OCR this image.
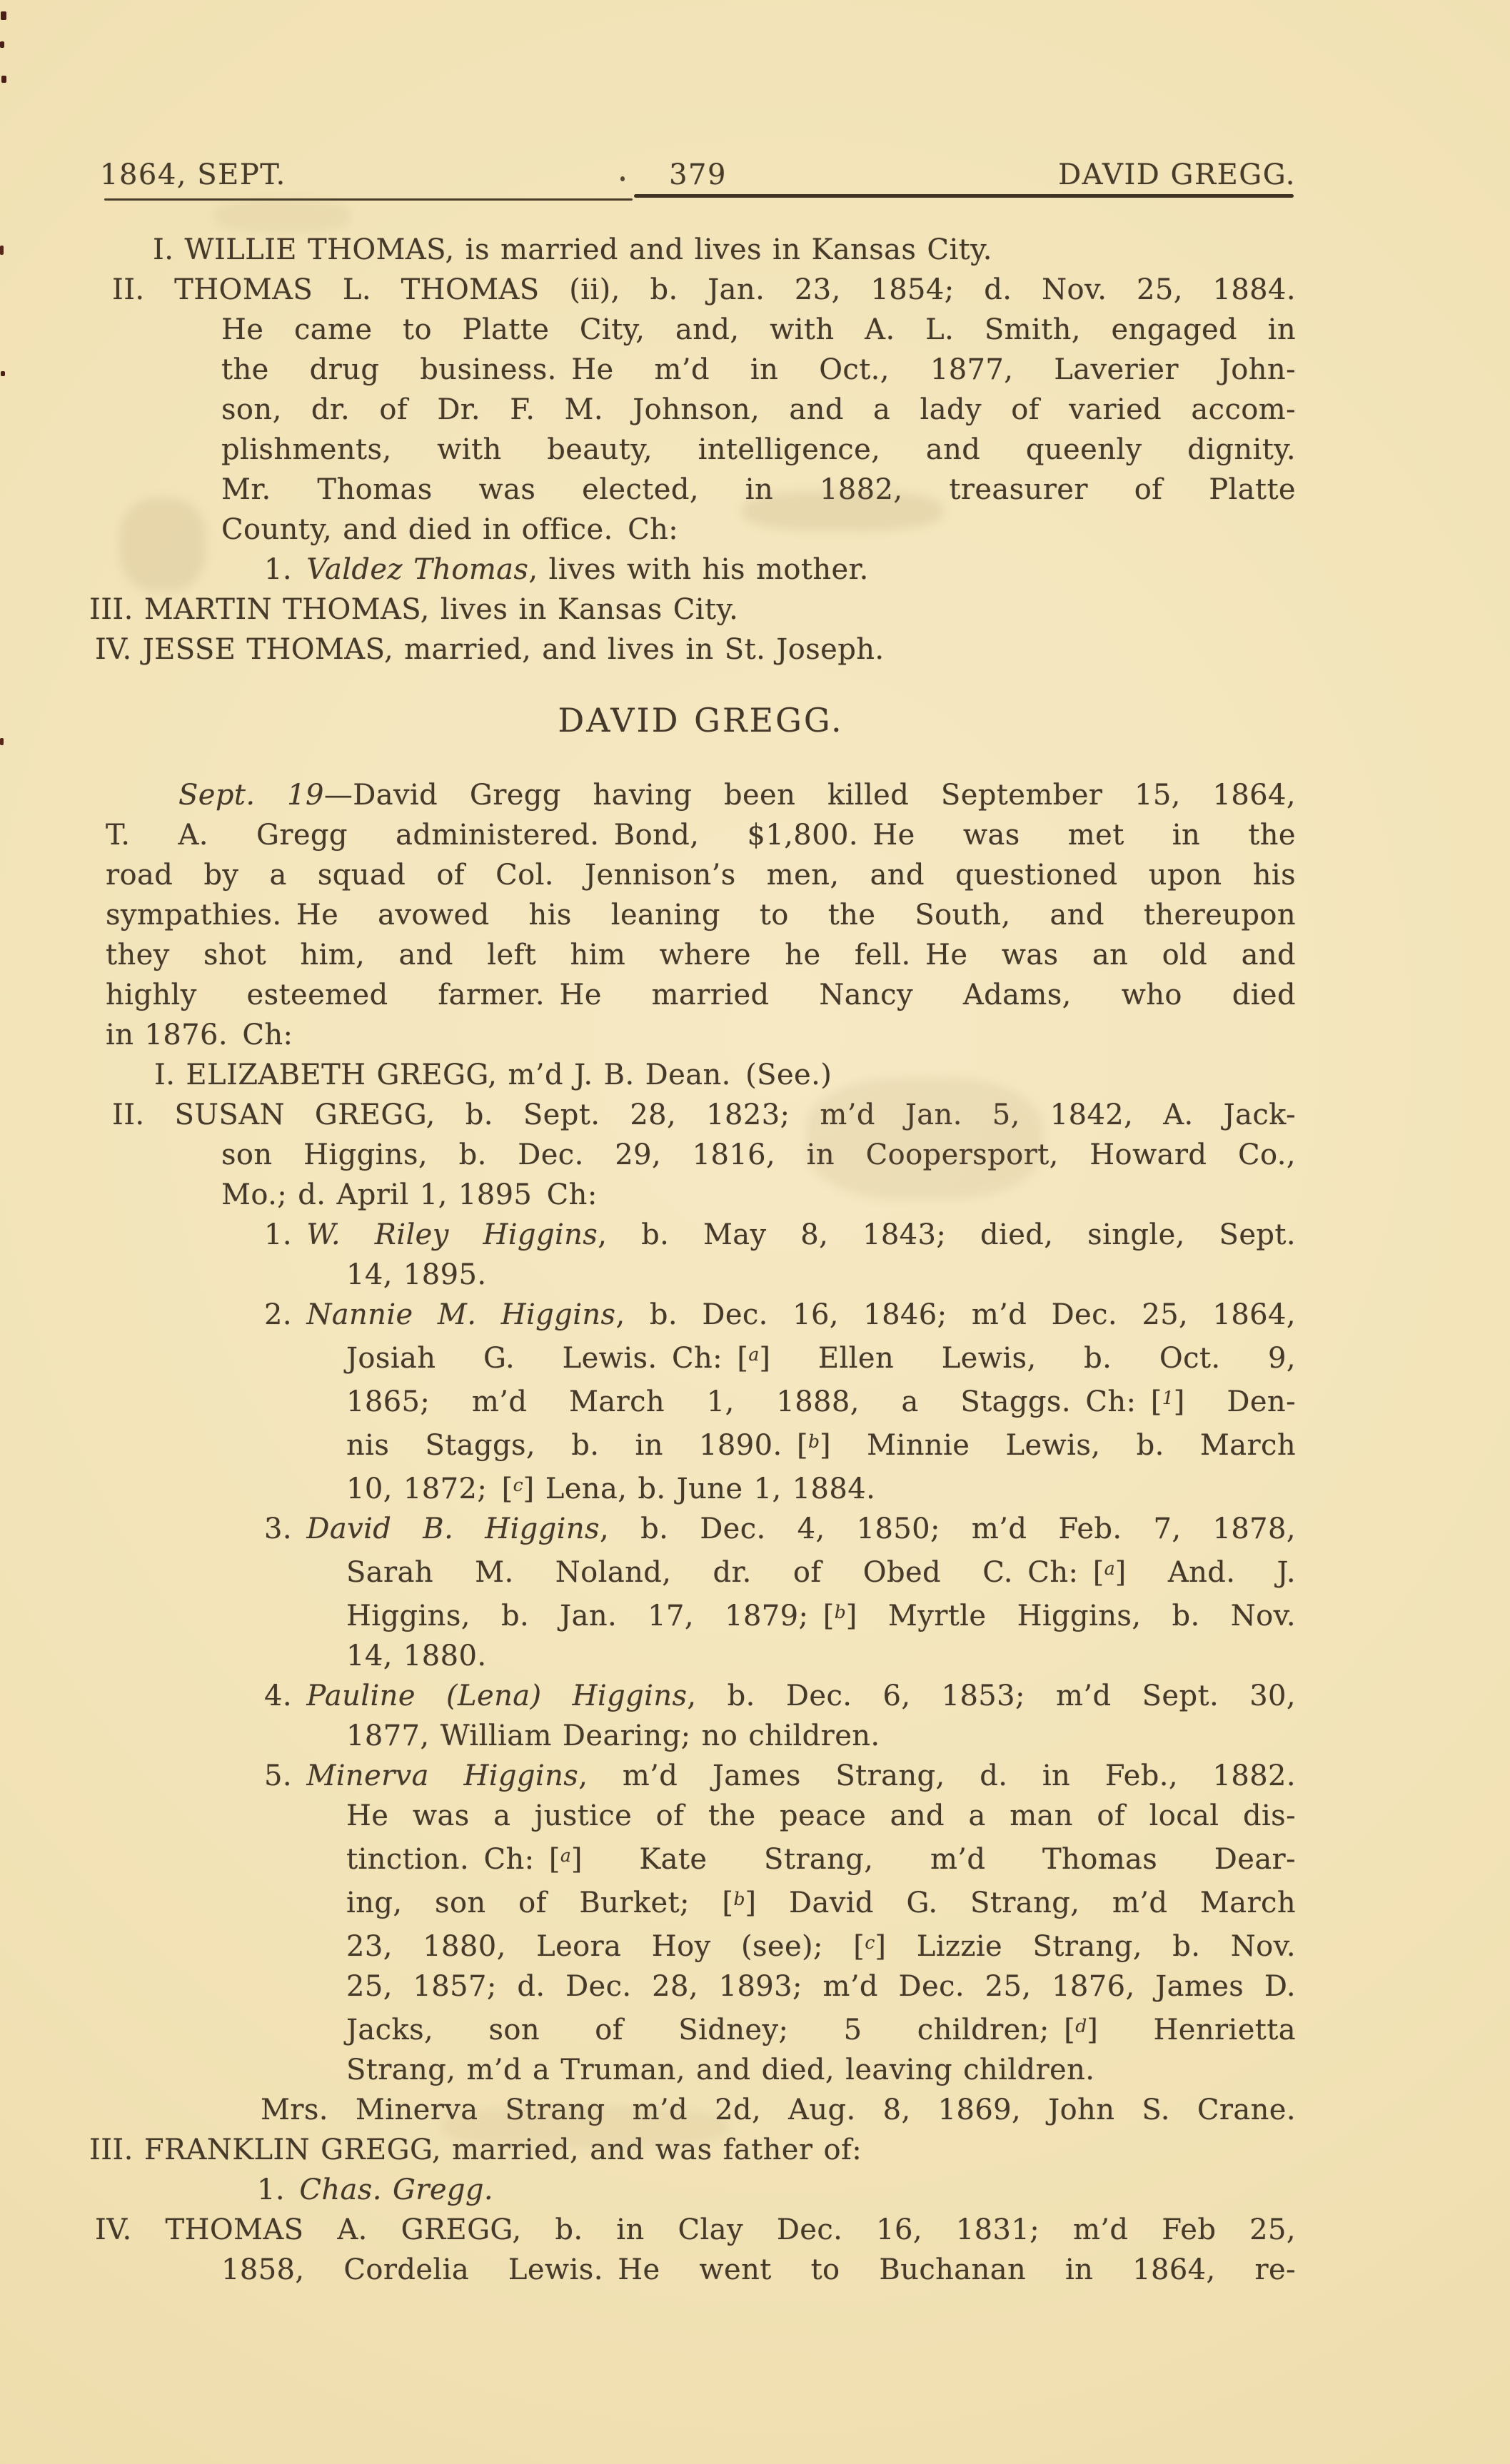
1864, SEPT.	379	DAVID GREGG.
I. WILLIE THOMAS, is married and lives in Kansas City.
II. THOMAS L. THOMAS (ii), b. Jan. 23, 1854; d. Nov. 25, 1884.
He came to Platte City, and, with A. L. Smith, engaged in
the drug business. He m’d in Oct., 1877, Laverier John-
son, dr. of Dr. F. M. Johnson, and a lady of varied accom-
plishments, with beauty, intelligence, and queenly dignity.
Mr. Thomas was elected, in 1882, treasurer of Platte
County, and died in office. Ch:
1. Valdez Thomas, lives with his mother.
III. MARTIN THOMAS, lives in Kansas City.
IV. JESSE THOMAS, married, and lives in St. Joseph.
DAVID GREGG.
Sept. 19—David Gregg having been killed September 15, 1864,
T. A. Gregg administered. Bond, $1,800. He was met in the
road by a squad of Col. Jennison’s men, and questioned upon his
sympathies. He avowed his leaning to the South, and thereupon
they shot him, and left him where he fell. He was an old and
highly esteemed farmer. He married Nancy Adams, who died
in 1876. Ch:
I. ELIZABETH GREGG, m’d J. B. Dean. (See.)
II. SUSAN GREGG, b. Sept. 28, 1823; m’d Jan. 5, 1842, A. Jack-
son Higgins, b. Dec. 29, 1816, in Coopersport, Howard Co.,
Mo.; d. April 1, 1895 Ch:
1. W. Riley Higgins, b. May 8, 1843; died, single, Sept.
14, 1895.
2. Nannie M. Higgins, b. Dec. 16, 1846; m’d Dec. 25, 1864,
Josiah G. Lewis. Ch: [$^a$] Ellen Lewis, b. Oct. 9,
1865; m’d March 1, 1888, a Staggs. Ch: [$^1$] Den-
nis Staggs, b. in 1890. [$^b$] Minnie Lewis, b. March
10, 1872; [$^c$] Lena, b. June 1, 1884.
3. David B. Higgins, b. Dec. 4, 1850; m’d Feb. 7, 1878,
Sarah M. Noland, dr. of Obed C. Ch: [$^a$] And. J.
Higgins, b. Jan. 17, 1879; [$^b$] Myrtle Higgins, b. Nov.
14, 1880.
4. Pauline (Lena) Higgins, b. Dec. 6, 1853; m’d Sept. 30,
1877, William Dearing; no children.
5. Minerva Higgins, m’d James Strang, d. in Feb., 1882.
He was a justice of the peace and a man of local dis-
tinction. Ch: [$^a$] Kate Strang, m’d Thomas Dear-
ing, son of Burket; [$^b$] David G. Strang, m’d March
23, 1880, Leora Hoy (see); [$^c$] Lizzie Strang, b. Nov.
25, 1857; d. Dec. 28, 1893; m’d Dec. 25, 1876, James D.
Jacks, son of Sidney; 5 children; [$^d$] Henrietta
Strang, m’d a Truman, and died, leaving children.
Mrs. Minerva Strang m’d 2d, Aug. 8, 1869, John S. Crane.
III. FRANKLIN GREGG, married, and was father of:
1. Chas. Gregg.
IV. THOMAS A. GREGG, b. in Clay Dec. 16, 1831; m’d Feb 25,
1858, Cordelia Lewis. He went to Buchanan in 1864, re-
